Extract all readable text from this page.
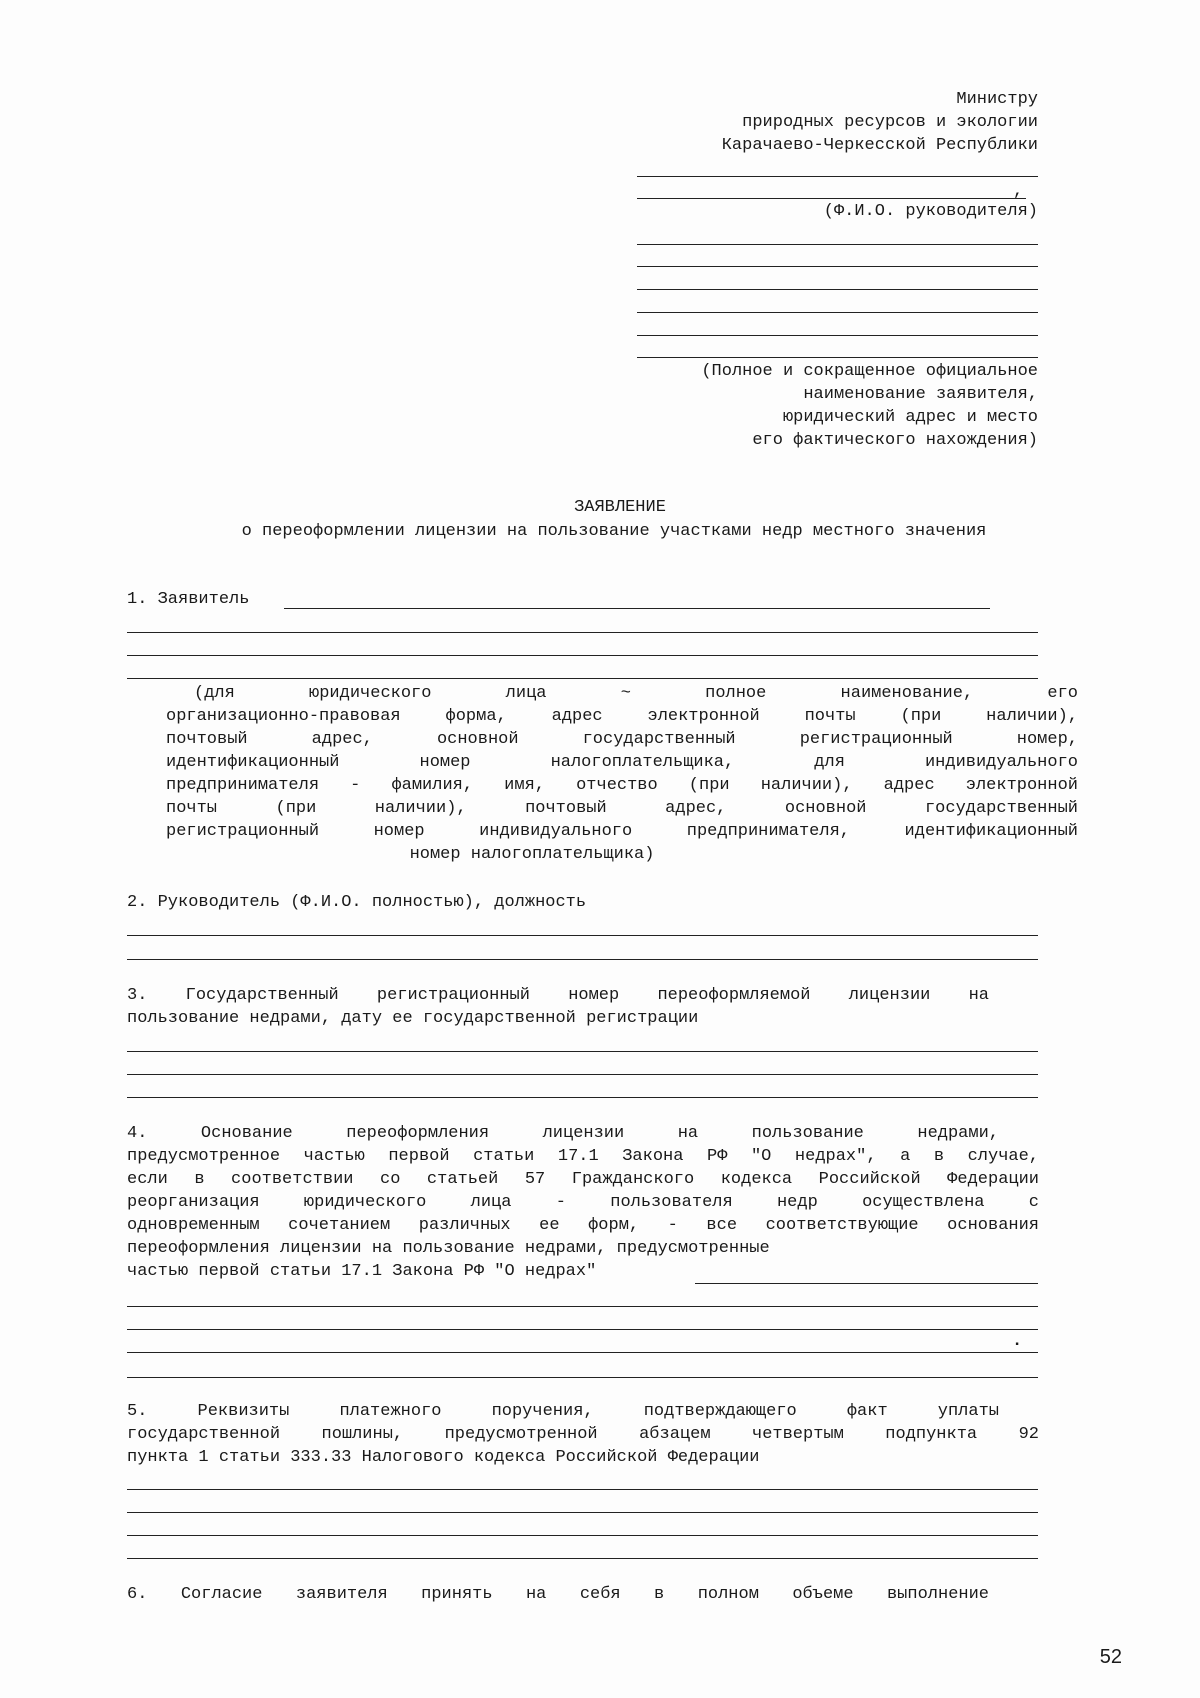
Министру
природных ресурсов и экологии
Карачаево-Черкесской Республики
,
(Ф.И.О. руководителя)
(Полное и сокращенное официальное
наименование заявителя,
юридический адрес и место
его фактического нахождения)
ЗАЯВЛЕНИЕ
о переоформлении лицензии на пользование участками недр местного значения
1. Заявитель
(для юридического лица ~ полное наименование, его
организационно-правовая форма, адрес электронной почты (при наличии),
почтовый адрес, основной государственный регистрационный номер,
идентификационный номер налогоплательщика, для индивидуального
предпринимателя - фамилия, имя, отчество (при наличии), адрес электронной
почты (при наличии), почтовый адрес, основной государственный
регистрационный номер индивидуального предпринимателя, идентификационный
номер налогоплательщика)
2. Руководитель (Ф.И.О. полностью), должность
3. Государственный регистрационный номер переоформляемой лицензии на
пользование недрами, дату ее государственной регистрации
4. Основание переоформления лицензии на пользование недрами,
предусмотренное частью первой статьи 17.1 Закона РФ "О недрах", а в случае,
если в соответствии со статьей 57 Гражданского кодекса Российской Федерации
реорганизация юридического лица - пользователя недр осуществлена с
одновременным сочетанием различных ее форм, - все соответствующие основания
переоформления лицензии на пользование недрами, предусмотренные
частью первой статьи 17.1 Закона РФ "О недрах"
.
5. Реквизиты платежного поручения, подтверждающего факт уплаты
государственной пошлины, предусмотренной абзацем четвертым подпункта 92
пункта 1 статьи 333.33 Налогового кодекса Российской Федерации
6. Согласие заявителя принять на себя в полном объеме выполнение
52
